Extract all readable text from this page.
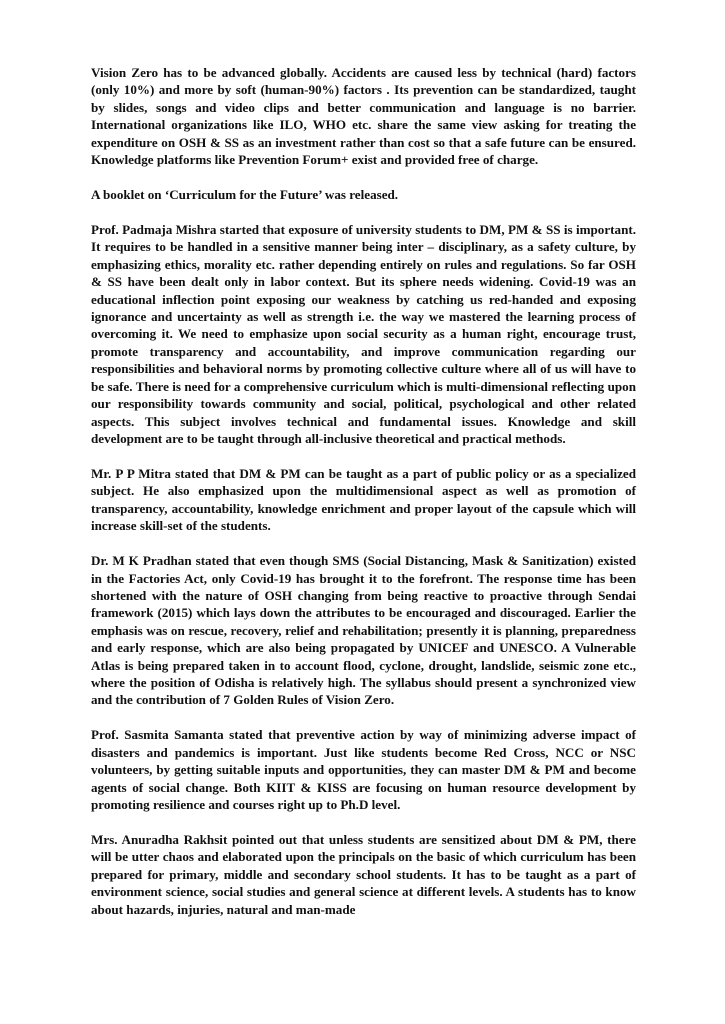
Vision Zero has to be advanced globally. Accidents are caused less by technical (hard) factors (only 10%) and more by soft (human-90%) factors . Its prevention can be standardized, taught by slides, songs and video clips and better communication and language is no barrier. International organizations like ILO, WHO etc. share the same view asking for treating the expenditure on OSH & SS as an investment rather than cost so that a safe future can be ensured. Knowledge platforms like Prevention Forum+ exist and provided free of charge.

A booklet on ‘Curriculum for the Future’ was released.

Prof. Padmaja Mishra started that exposure of university students to DM, PM & SS is important. It requires to be handled in a sensitive manner being inter – disciplinary, as a safety culture, by emphasizing ethics, morality etc. rather depending entirely on rules and regulations. So far OSH & SS have been dealt only in labor context. But its sphere needs widening. Covid-19 was an educational inflection point exposing our weakness by catching us red-handed and exposing ignorance and uncertainty as well as strength i.e. the way we mastered the learning process of overcoming it. We need to emphasize upon social security as a human right, encourage trust, promote transparency and accountability, and improve communication regarding our responsibilities and behavioral norms by promoting collective culture where all of us will have to be safe. There is need for a comprehensive curriculum which is multi-dimensional reflecting upon our responsibility towards community and social, political, psychological and other related aspects. This subject involves technical and fundamental issues. Knowledge and skill development are to be taught through all-inclusive theoretical and practical methods.

Mr. P P Mitra stated that DM & PM can be taught as a part of public policy or as a specialized subject. He also emphasized upon the multidimensional aspect as well as promotion of transparency, accountability, knowledge enrichment and proper layout of the capsule which will increase skill-set of the students.

Dr. M K Pradhan stated that even though SMS (Social Distancing, Mask & Sanitization) existed in the Factories Act, only Covid-19 has brought it to the forefront. The response time has been shortened with the nature of OSH changing from being reactive to proactive through Sendai framework (2015) which lays down the attributes to be encouraged and discouraged. Earlier the emphasis was on rescue, recovery, relief and rehabilitation; presently it is planning, preparedness and early response, which are also being propagated by UNICEF and UNESCO. A Vulnerable Atlas is being prepared taken in to account flood, cyclone, drought, landslide, seismic zone etc., where the position of Odisha is relatively high. The syllabus should present a synchronized view and the contribution of 7 Golden Rules of Vision Zero.

Prof. Sasmita Samanta stated that preventive action by way of minimizing adverse impact of disasters and pandemics is important. Just like students become Red Cross, NCC or NSC volunteers, by getting suitable inputs and opportunities, they can master DM & PM and become agents of social change. Both KIIT & KISS are focusing on human resource development by promoting resilience and courses right up to Ph.D level.

Mrs. Anuradha Rakhsit pointed out that unless students are sensitized about DM & PM, there will be utter chaos and elaborated upon the principals on the basic of which curriculum has been prepared for primary, middle and secondary school students. It has to be taught as a part of environment science, social studies and general science at different levels. A students has to know about hazards, injuries, natural and man-made
